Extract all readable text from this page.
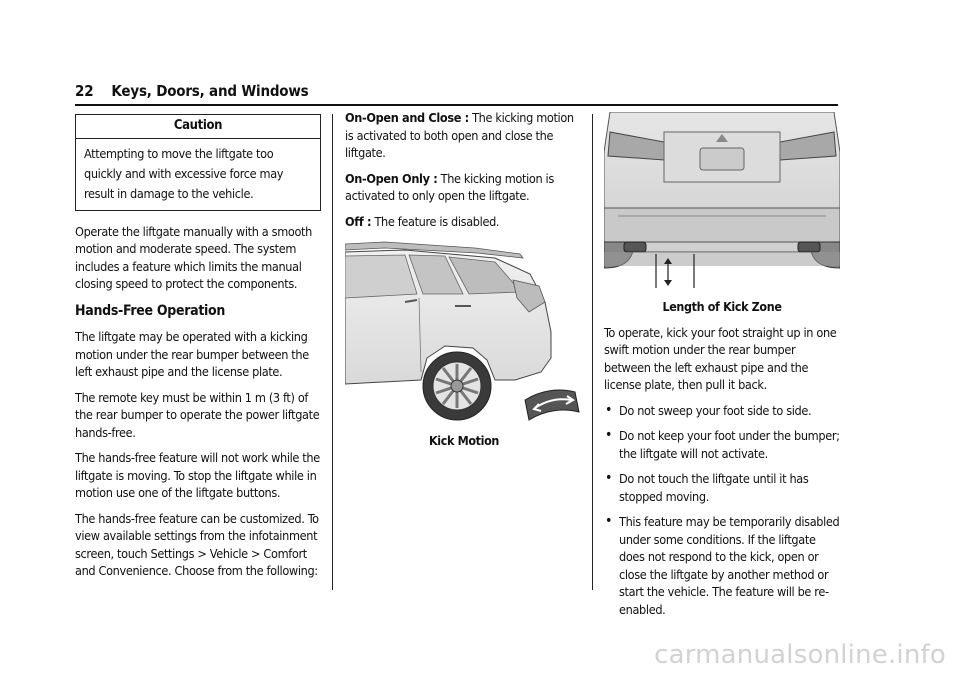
22 Keys, Doors, and Windows
Caution
Attempting to move the liftgate too quickly and with excessive force may result in damage to the vehicle.

Operate the liftgate manually with a smooth motion and moderate speed. The system includes a feature which limits the manual closing speed to protect the components.

Hands-Free Operation

The liftgate may be operated with a kicking motion under the rear bumper between the left exhaust pipe and the license plate.

The remote key must be within 1 m (3 ft) of the rear bumper to operate the power liftgate hands-free.

The hands-free feature will not work while the liftgate is moving. To stop the liftgate while in motion use one of the liftgate buttons.

The hands-free feature can be customized. To view available settings from the infotainment screen, touch Settings > Vehicle > Comfort and Convenience. Choose from the following:

On-Open and Close : The kicking motion is activated to both open and close the liftgate.

On-Open Only : The kicking motion is activated to only open the liftgate.

Off : The feature is disabled.

Kick Motion
Length of Kick Zone

To operate, kick your foot straight up in one swift motion under the rear bumper between the left exhaust pipe and the license plate, then pull it back.

• Do not sweep your foot side to side.
• Do not keep your foot under the bumper; the liftgate will not activate.
• Do not touch the liftgate until it has stopped moving.
• This feature may be temporarily disabled under some conditions. If the liftgate does not respond to the kick, open or close the liftgate by another method or start the vehicle. The feature will be re-enabled.
carmanualsonline.info
